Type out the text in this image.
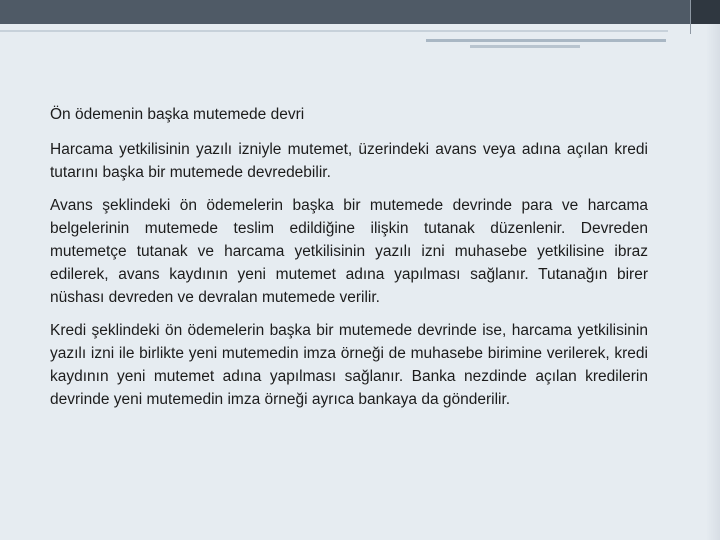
Ön ödemenin başka mutemede devri

Harcama yetkilisinin yazılı izniyle mutemet, üzerindeki avans veya adına açılan kredi tutarını başka bir mutemede devredebilir.

Avans şeklindeki ön ödemelerin başka bir mutemede devrinde para ve harcama belgelerinin mutemede teslim edildiğine ilişkin tutanak düzenlenir. Devreden mutemetçe tutanak ve harcama yetkilisinin yazılı izni muhasebe yetkilisine ibraz edilerek, avans kaydının yeni mutemet adına yapılması sağlanır. Tutanağın birer nüshası devreden ve devralan mutemede verilir.

Kredi şeklindeki ön ödemelerin başka bir mutemede devrinde ise, harcama yetkilisinin yazılı izni ile birlikte yeni mutemedin imza örneği de muhasebe birimine verilerek, kredi kaydının yeni mutemet adına yapılması sağlanır. Banka nezdinde açılan kredilerin devrinde yeni mutemedin imza örneği ayrıca bankaya da gönderilir.
